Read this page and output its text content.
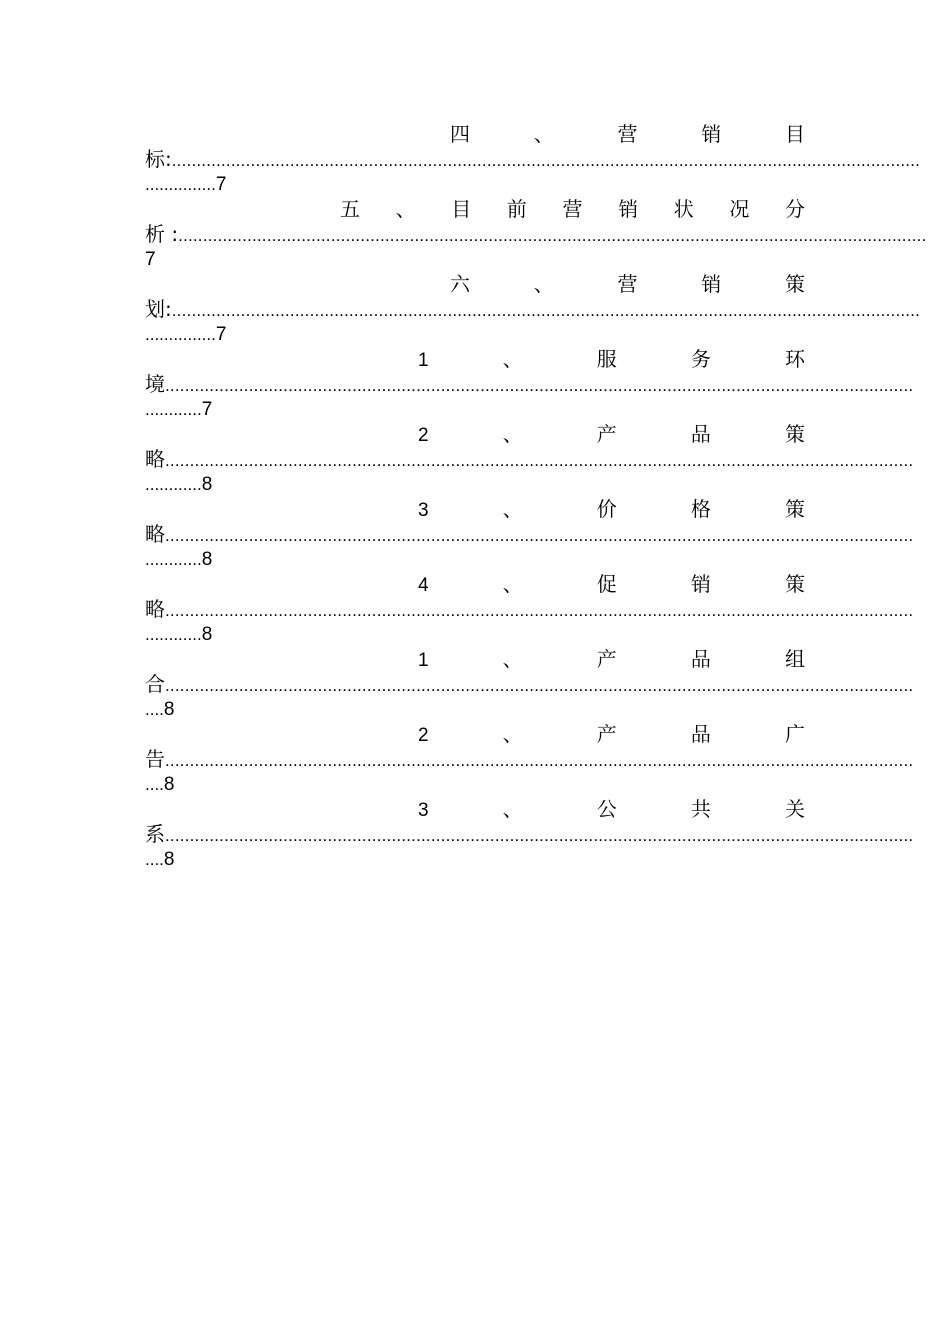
四	、	营	销	目
标:........................................................................................................................................................
...............7
五 、 目 前 营 销 状 况 分
析 :........................................................................................................................................................
7
六	、	营	销	策
划:........................................................................................................................................................
...............7
1	、	服	务	环
境........................................................................................................................................................
............7
2	、	产	品	策
略........................................................................................................................................................
............8
3	、	价	格	策
略........................................................................................................................................................
............8
4	、	促	销	策
略........................................................................................................................................................
............8
1	、	产	品	组
合........................................................................................................................................................
....8
2	、	产	品	广
告........................................................................................................................................................
....8
3	、	公	共	关
系........................................................................................................................................................
....8
